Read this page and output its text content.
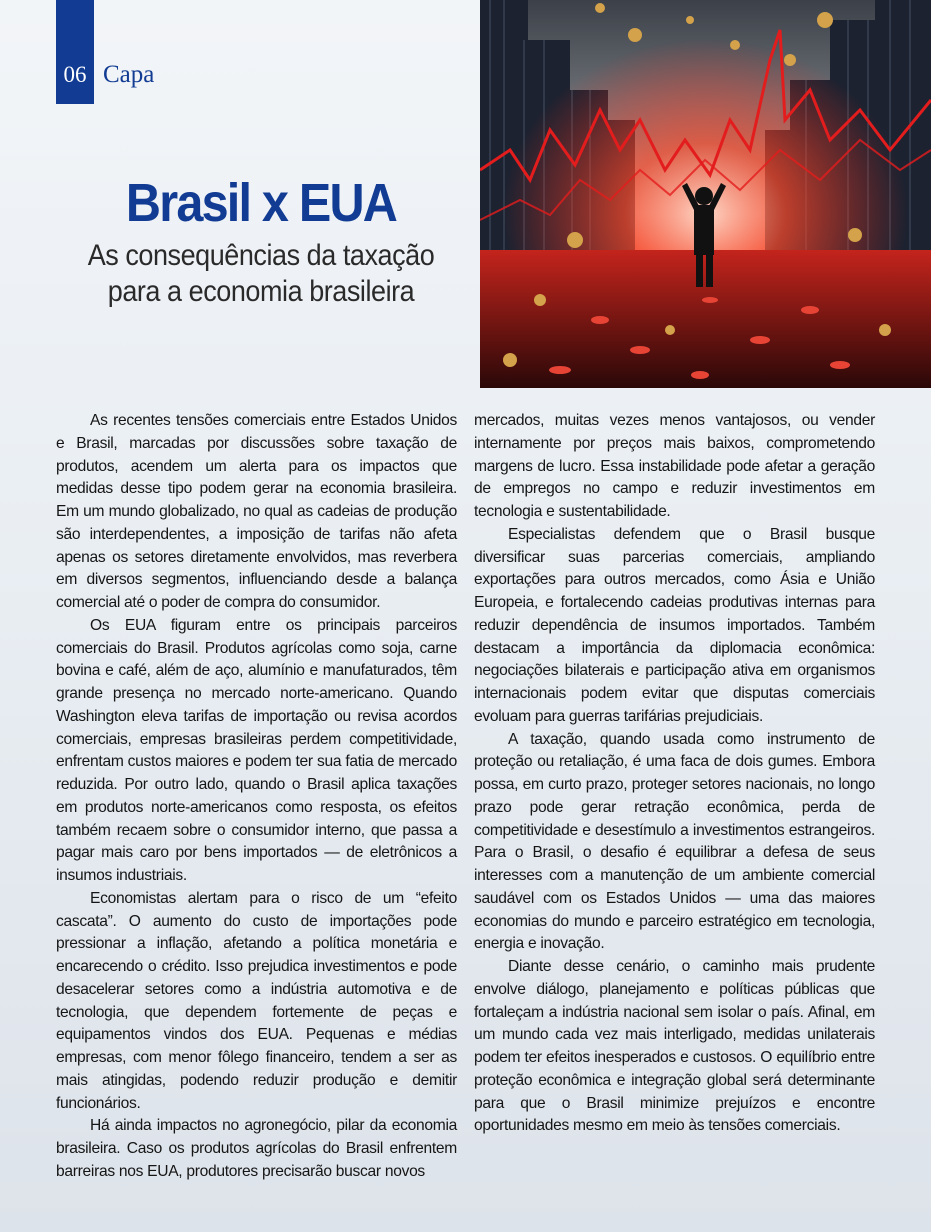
06 Capa
Brasil x EUA
As consequências da taxação
para a economia brasileira

As recentes tensões comerciais entre Estados Unidos e Brasil, marcadas por discussões sobre taxação de produtos, acendem um alerta para os impactos que medidas desse tipo podem gerar na economia brasileira. Em um mundo globalizado, no qual as cadeias de produção são interdependentes, a imposição de tarifas não afeta apenas os setores diretamente envolvidos, mas reverbera em diversos segmentos, influenciando desde a balança comercial até o poder de compra do consumidor.

Os EUA figuram entre os principais parceiros comerciais do Brasil. Produtos agrícolas como soja, carne bovina e café, além de aço, alumínio e manufaturados, têm grande presença no mercado norte-americano. Quando Washington eleva tarifas de importação ou revisa acordos comerciais, empresas brasileiras perdem competitividade, enfrentam custos maiores e podem ter sua fatia de mercado reduzida. Por outro lado, quando o Brasil aplica taxações em produtos norte-americanos como resposta, os efeitos também recaem sobre o consumidor interno, que passa a pagar mais caro por bens importados — de eletrônicos a insumos industriais.

Economistas alertam para o risco de um “efeito cascata”. O aumento do custo de importações pode pressionar a inflação, afetando a política monetária e encarecendo o crédito. Isso prejudica investimentos e pode desacelerar setores como a indústria automotiva e de tecnologia, que dependem fortemente de peças e equipamentos vindos dos EUA. Pequenas e médias empresas, com menor fôlego financeiro, tendem a ser as mais atingidas, podendo reduzir produção e demitir funcionários.

Há ainda impactos no agronegócio, pilar da economia brasileira. Caso os produtos agrícolas do Brasil enfrentem barreiras nos EUA, produtores precisarão buscar novos

mercados, muitas vezes menos vantajosos, ou vender internamente por preços mais baixos, comprometendo margens de lucro. Essa instabilidade pode afetar a geração de empregos no campo e reduzir investimentos em tecnologia e sustentabilidade.

Especialistas defendem que o Brasil busque diversificar suas parcerias comerciais, ampliando exportações para outros mercados, como Ásia e União Europeia, e fortalecendo cadeias produtivas internas para reduzir dependência de insumos importados. Também destacam a importância da diplomacia econômica: negociações bilaterais e participação ativa em organismos internacionais podem evitar que disputas comerciais evoluam para guerras tarifárias prejudiciais.

A taxação, quando usada como instrumento de proteção ou retaliação, é uma faca de dois gumes. Embora possa, em curto prazo, proteger setores nacionais, no longo prazo pode gerar retração econômica, perda de competitividade e desestímulo a investimentos estrangeiros. Para o Brasil, o desafio é equilibrar a defesa de seus interesses com a manutenção de um ambiente comercial saudável com os Estados Unidos — uma das maiores economias do mundo e parceiro estratégico em tecnologia, energia e inovação.

Diante desse cenário, o caminho mais prudente envolve diálogo, planejamento e políticas públicas que fortaleçam a indústria nacional sem isolar o país. Afinal, em um mundo cada vez mais interligado, medidas unilaterais podem ter efeitos inesperados e custosos. O equilíbrio entre proteção econômica e integração global será determinante para que o Brasil minimize prejuízos e encontre oportunidades mesmo em meio às tensões comerciais.
